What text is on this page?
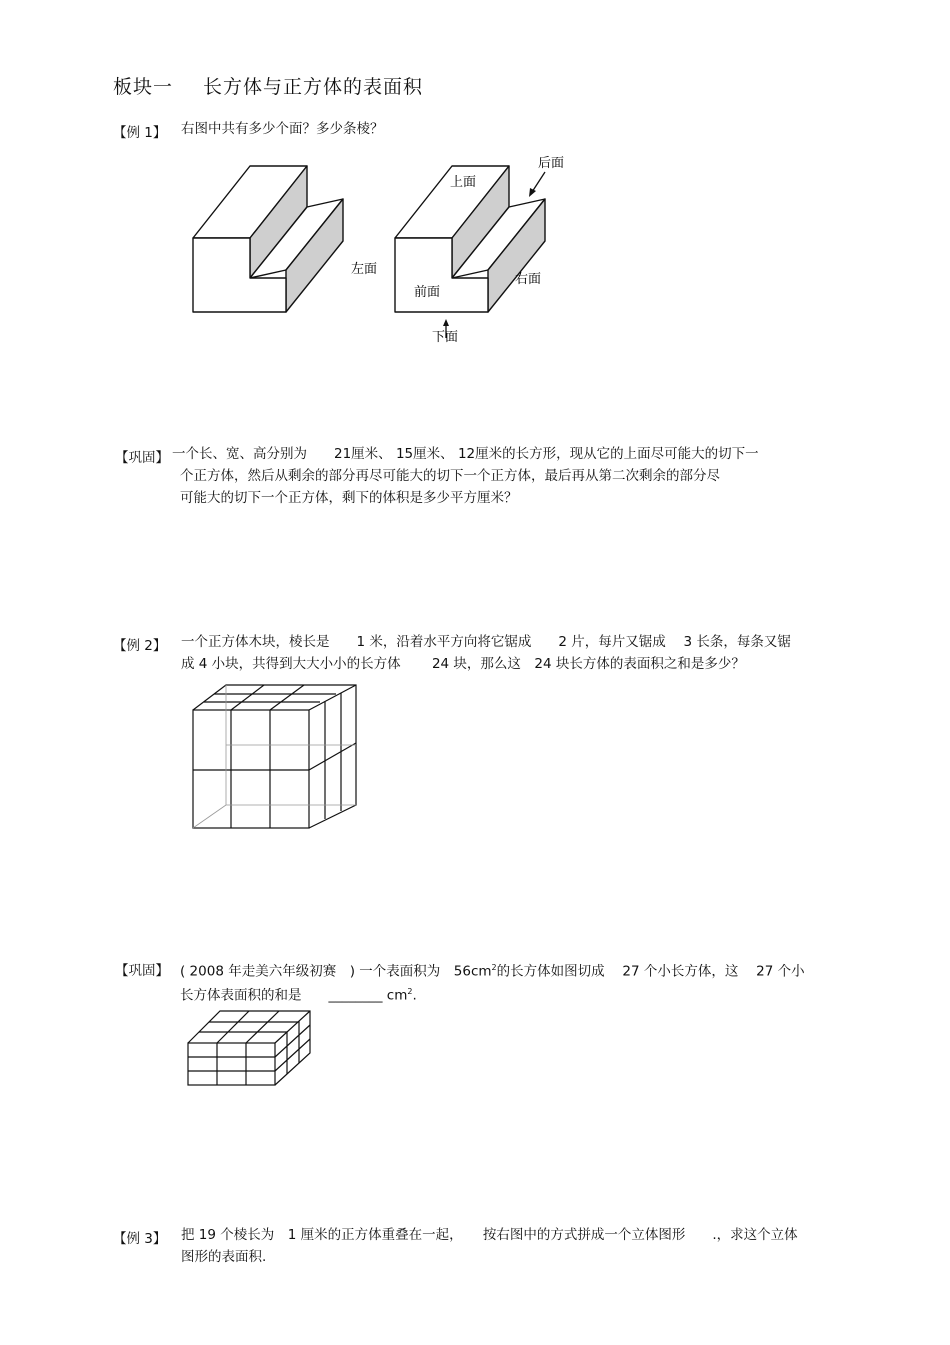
板块一 长方体与正方体的表面积
【例 1】 右图中共有多少个面？多少条棱？
后面
上面
左面
前面
右面
下面
【巩固】 一个长、宽、高分别为　　21厘米、 15厘米、 12厘米的长方形，现从它的上面尽可能大的切下一
个正方体，然后从剩余的部分再尽可能大的切下一个正方体，最后再从第二次剩余的部分尽
可能大的切下一个正方体，剩下的体积是多少平方厘米？
【例 2】 一个正方体木块，棱长是　　1 米，沿着水平方向将它锯成　　2 片，每片又锯成　 3 长条，每条又锯
成 4 小块，共得到大大小小的长方体　　 24 块，那么这　24 块长方体的表面积之和是多少？
【巩固】 ( 2008 年走美六年级初赛　) 一个表面积为　$56cm^2$的长方体如图切成　 27 个小长方体，这　 27 个小
长方体表面积的和是　　________ $cm^2$.
【例 3】 把 19 个棱长为　1 厘米的正方体重叠在一起，　　按右图中的方式拼成一个立体图形　　.，求这个立体
图形的表面积.
